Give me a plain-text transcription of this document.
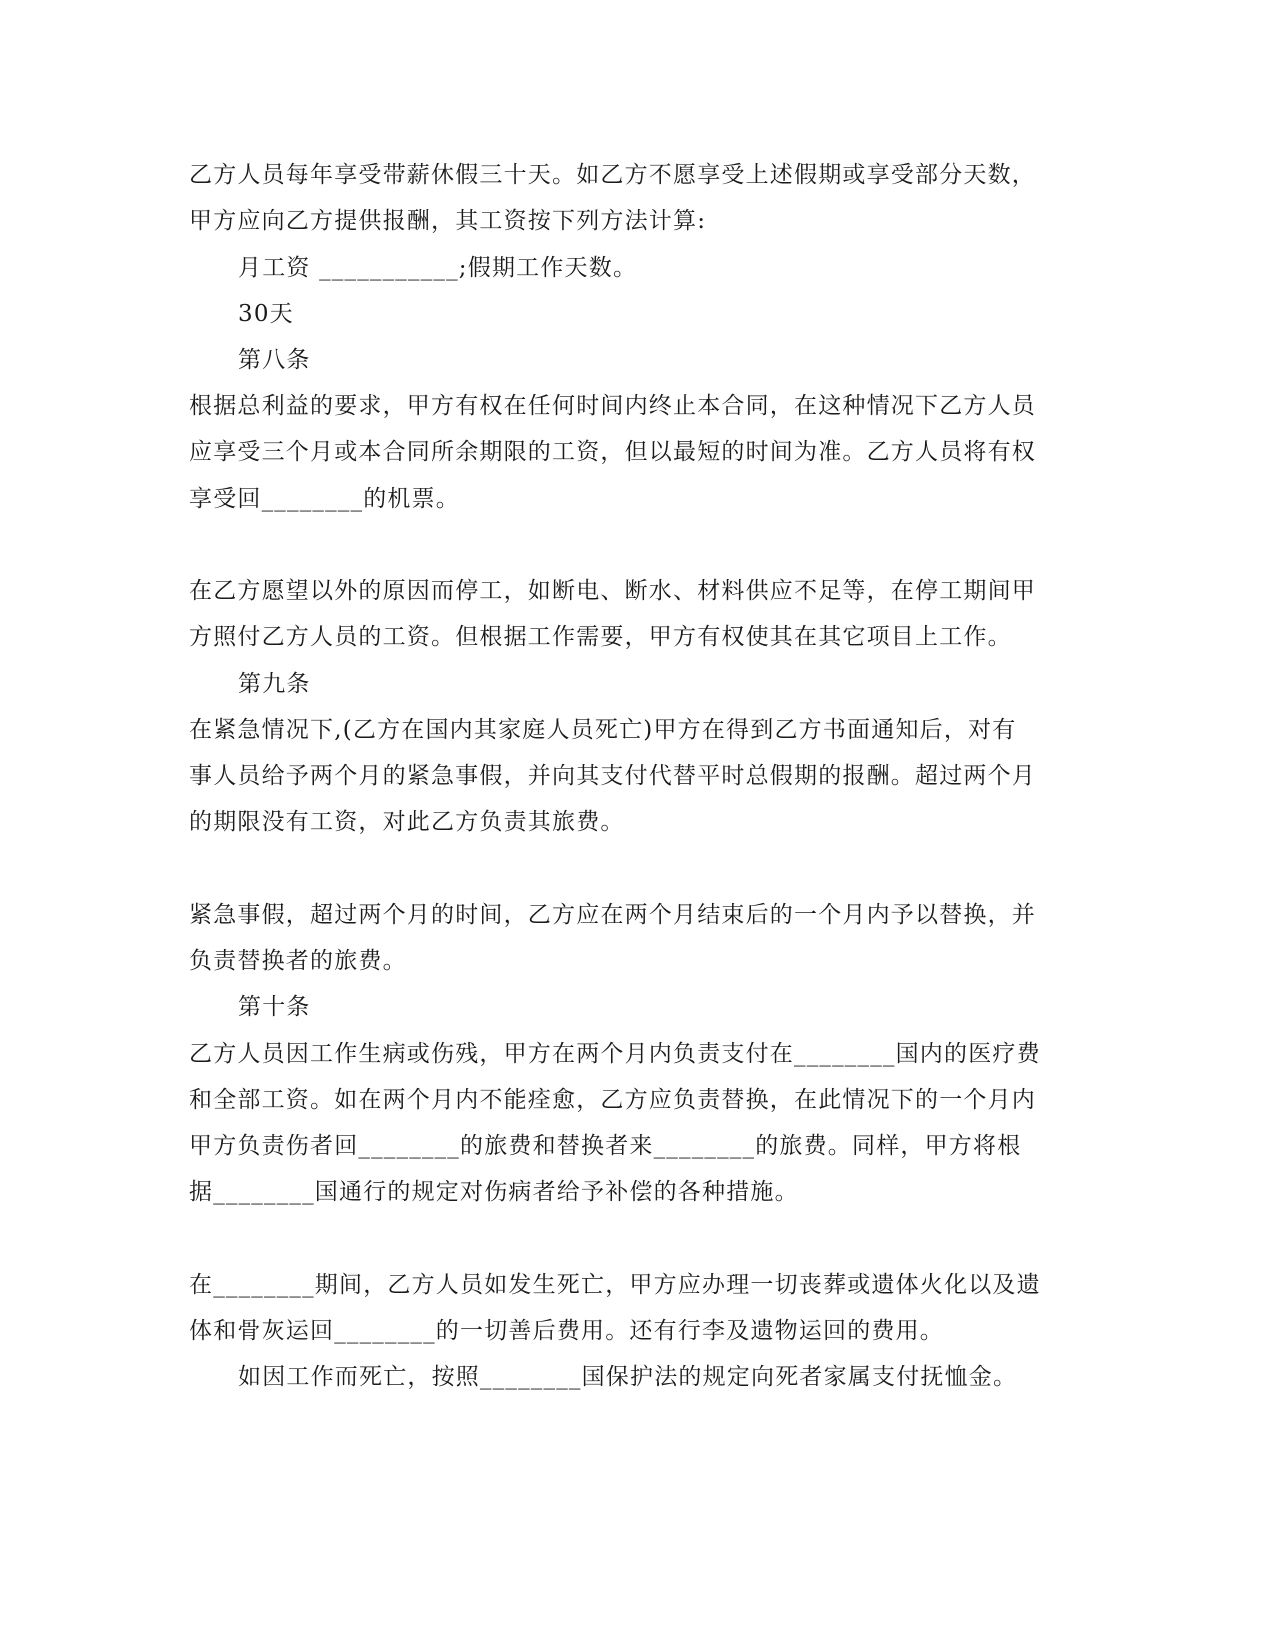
乙方人员每年享受带薪休假三十天。如乙方不愿享受上述假期或享受部分天数，
甲方应向乙方提供报酬，其工资按下列方法计算:
月工资 ___________;假期工作天数。
30天
第八条
根据总利益的要求，甲方有权在任何时间内终止本合同，在这种情况下乙方人员
应享受三个月或本合同所余期限的工资，但以最短的时间为准。乙方人员将有权
享受回________的机票。
在乙方愿望以外的原因而停工，如断电、断水、材料供应不足等，在停工期间甲
方照付乙方人员的工资。但根据工作需要，甲方有权使其在其它项目上工作。
第九条
在紧急情况下,(乙方在国内其家庭人员死亡)甲方在得到乙方书面通知后，对有
事人员给予两个月的紧急事假，并向其支付代替平时总假期的报酬。超过两个月
的期限没有工资，对此乙方负责其旅费。
紧急事假，超过两个月的时间，乙方应在两个月结束后的一个月内予以替换，并
负责替换者的旅费。
第十条
乙方人员因工作生病或伤残，甲方在两个月内负责支付在________国内的医疗费
和全部工资。如在两个月内不能痊愈，乙方应负责替换，在此情况下的一个月内
甲方负责伤者回________的旅费和替换者来________的旅费。同样，甲方将根
据________国通行的规定对伤病者给予补偿的各种措施。
在________期间，乙方人员如发生死亡，甲方应办理一切丧葬或遗体火化以及遗
体和骨灰运回________的一切善后费用。还有行李及遗物运回的费用。
如因工作而死亡，按照________国保护法的规定向死者家属支付抚恤金。
